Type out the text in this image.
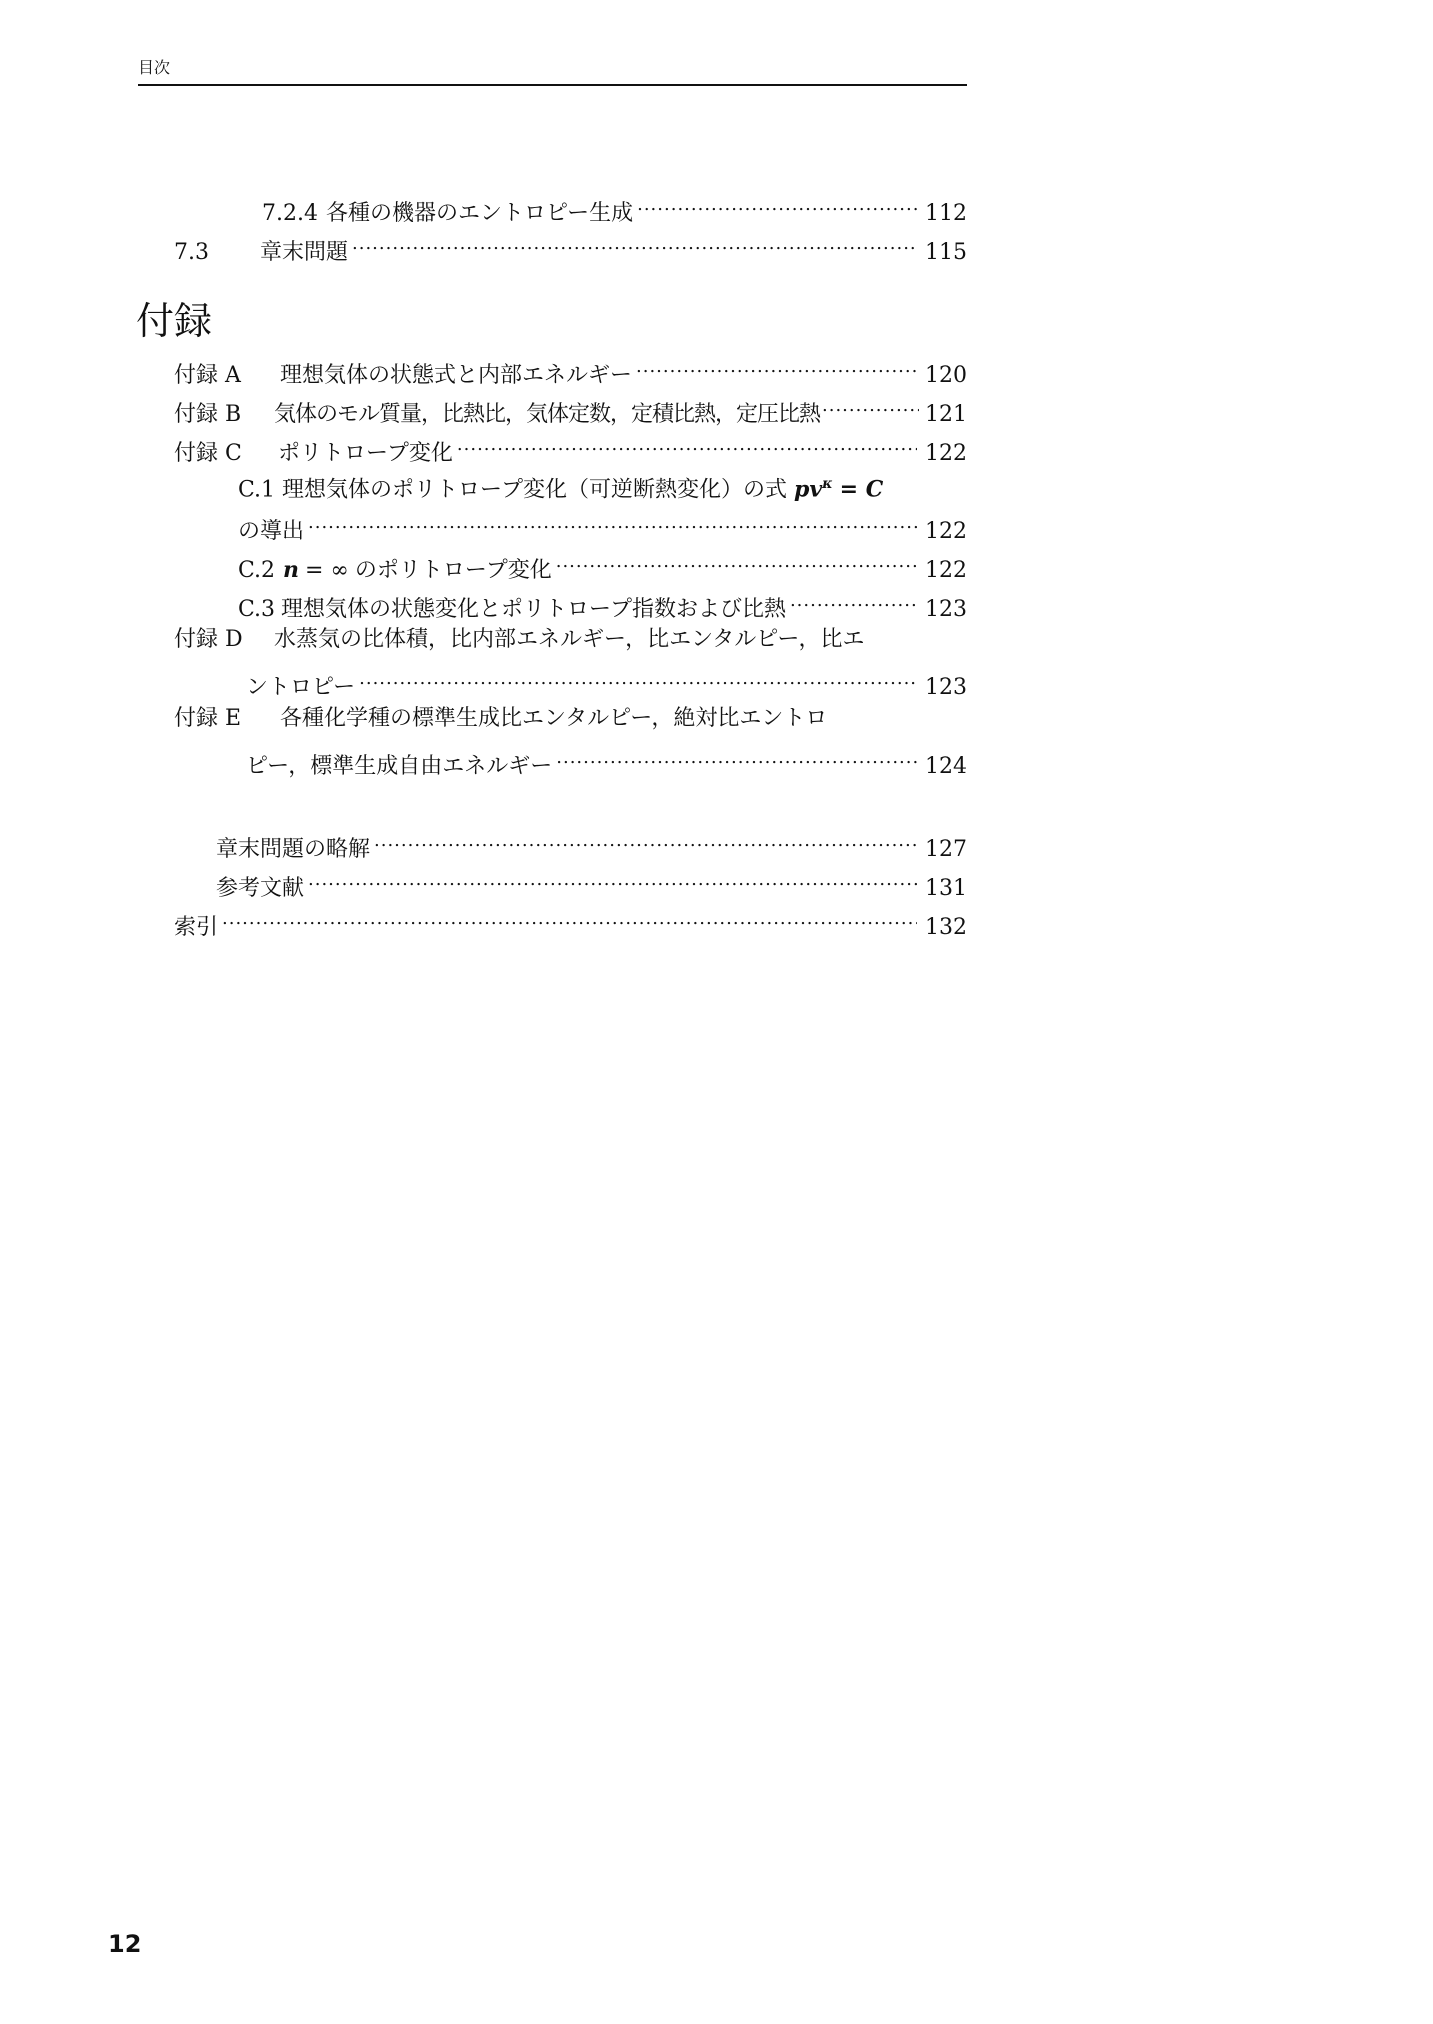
目次
7.2.4 各種の機器のエントロピー生成 .....	112
7.3	章末問題 .....	115
付録
付録 A	理想気体の状態式と内部エネルギー .....	120
付録 B	気体のモル質量，比熱比，気体定数，定積比熱，定圧比熱 .....	121
付録 C	ポリトロープ変化 .....	122
C.1 理想気体のポリトロープ変化（可逆断熱変化）の式 $pv^\kappa = C$
の導出 .....	122
C.2 n = ∞ のポリトロープ変化 .....	122
C.3 理想気体の状態変化とポリトロープ指数および比熱 .....	123
付録 D 水蒸気の比体積，比内部エネルギー，比エンタルピー，比エ
ントロピー .....	123
付録 E 各種化学種の標準生成比エンタルピー，絶対比エントロ
ピー，標準生成自由エネルギー .....	124
章末問題の略解 .....	127
参考文献 .....	131
索引 .....	132
12
